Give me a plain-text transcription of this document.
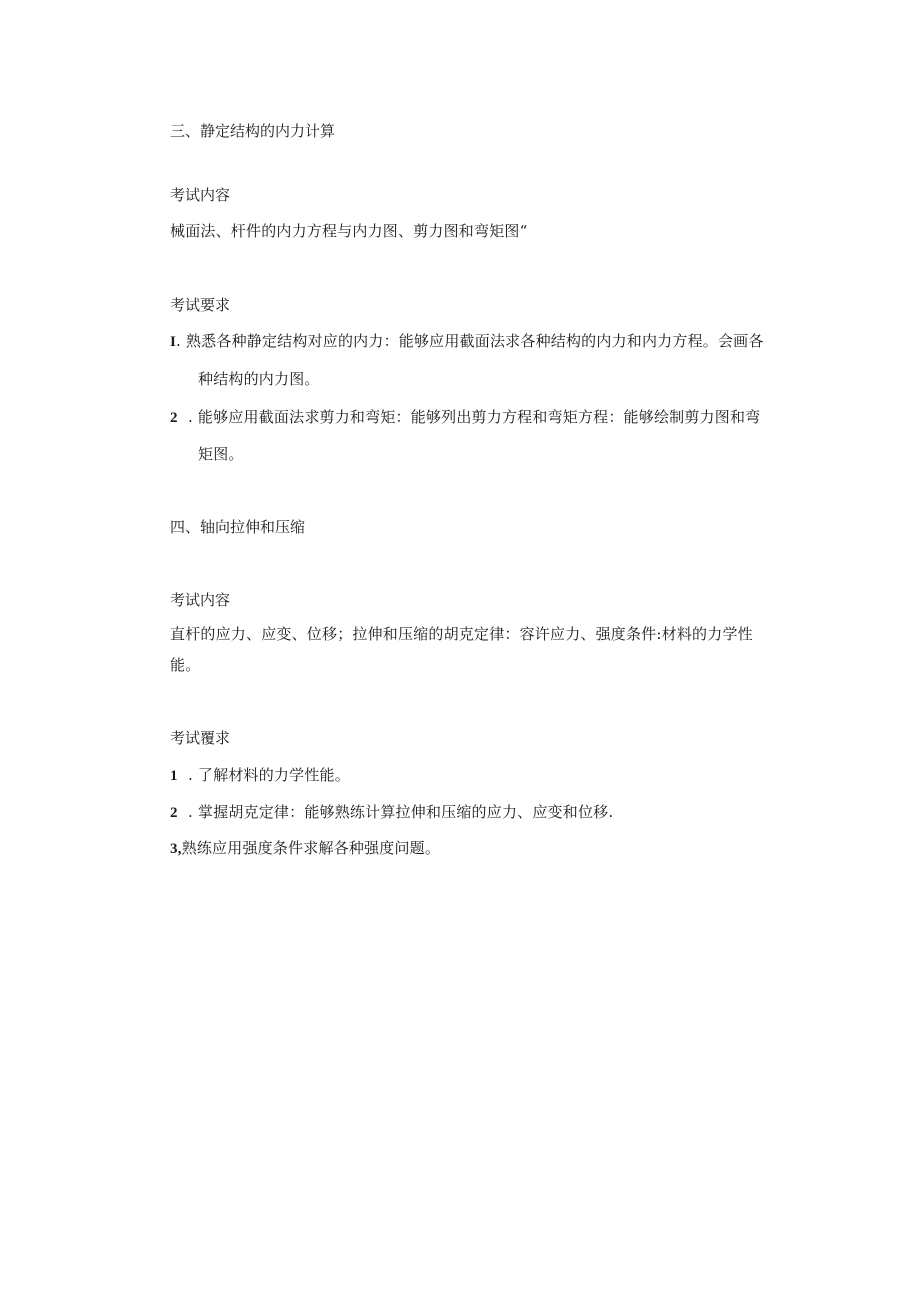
三、静定结构的内力计算
考试内容
械面法、杆件的内力方程与内力图、剪力图和弯矩图“
考试要求
I. 熟悉各种静定结构对应的内力：能够应用截面法求各种结构的内力和内力方程。会画各
种结构的内力图。
2 . 能够应用截面法求剪力和弯矩：能够列出剪力方程和弯矩方程：能够绘制剪力图和弯
矩图。
四、轴向拉伸和压缩
考试内容
直杆的应力、应变、位移；拉伸和压缩的胡克定律：容许应力、强度条件:材料的力学性
能。
考试覆求
1 . 了解材料的力学性能。
2 . 掌握胡克定律：能够熟练计算拉伸和压缩的应力、应变和位移.
3,熟练应用强度条件求解各种强度问题。
